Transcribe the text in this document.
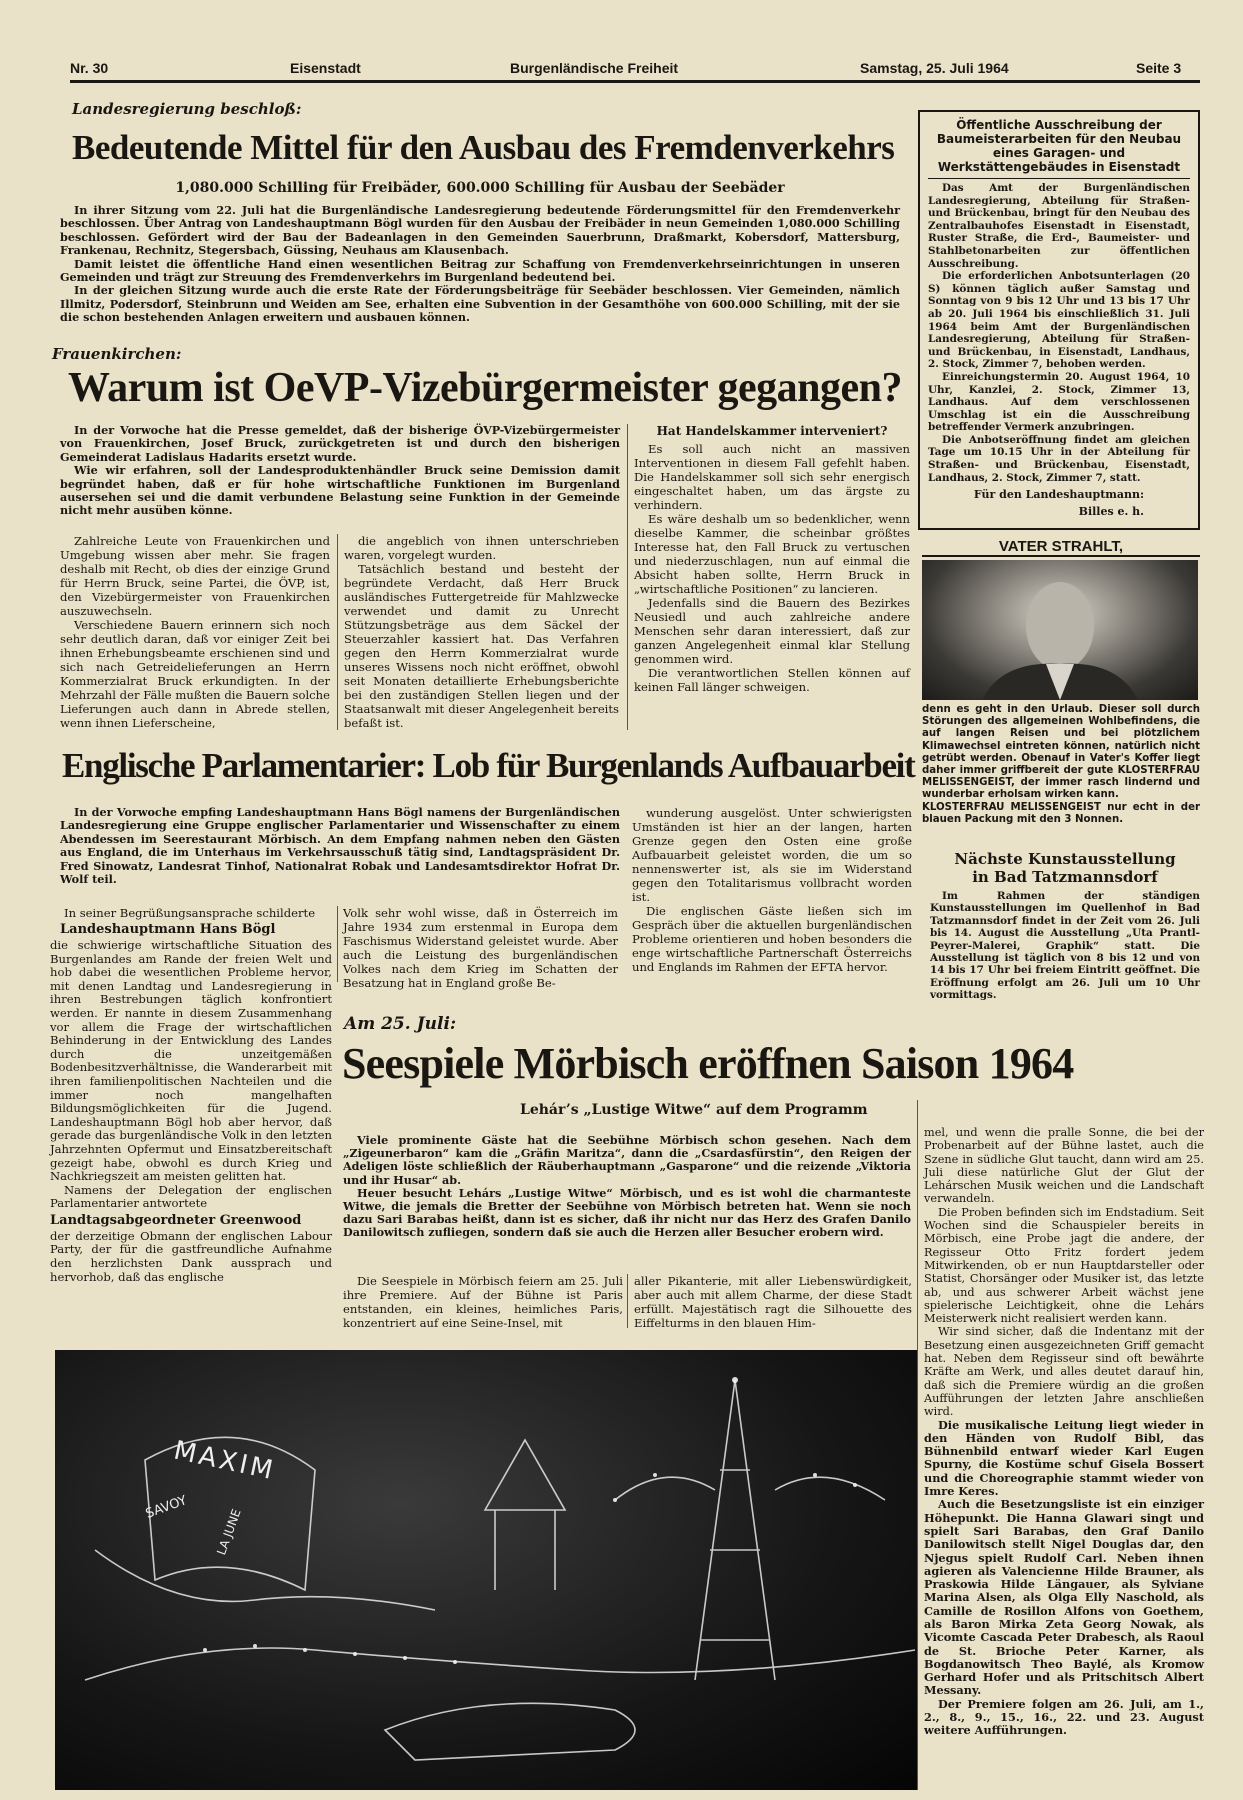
Nr. 30	Eisenstadt	Burgenländische Freiheit	Samstag, 25. Juli 1964	Seite 3
Landesregierung beschloß:
Bedeutende Mittel für den Ausbau des Fremdenverkehrs
1,080.000 Schilling für Freibäder, 600.000 Schilling für Ausbau der Seebäder

In ihrer Sitzung vom 22. Juli hat die Burgenländische Landesregierung bedeutende Förderungsmittel für den Fremdenverkehr beschlossen. Über Antrag von Landeshauptmann Bögl wurden für den Ausbau der Freibäder in neun Gemeinden 1,080.000 Schilling beschlossen. Gefördert wird der Bau der Badeanlagen in den Gemeinden Sauerbrunn, Draßmarkt, Kobersdorf, Mattersburg, Frankenau, Rechnitz, Stegersbach, Güssing, Neuhaus am Klausenbach.

Damit leistet die öffentliche Hand einen wesentlichen Beitrag zur Schaffung von Fremdenverkehrseinrichtungen in unseren Gemeinden und trägt zur Streuung des Fremdenverkehrs im Burgenland bedeutend bei.

In der gleichen Sitzung wurde auch die erste Rate der Förderungsbeiträge für Seebäder beschlossen. Vier Gemeinden, nämlich Illmitz, Podersdorf, Steinbrunn und Weiden am See, erhalten eine Subvention in der Gesamthöhe von 600.000 Schilling, mit der sie die schon bestehenden Anlagen erweitern und ausbauen können.

Frauenkirchen:
Warum ist OeVP-Vizebürgermeister gegangen?

In der Vorwoche hat die Presse gemeldet, daß der bisherige ÖVP-Vizebürgermeister von Frauenkirchen, Josef Bruck, zurückgetreten ist und durch den bisherigen Gemeinderat Ladislaus Hadarits ersetzt wurde.

Wie wir erfahren, soll der Landesproduktenhändler Bruck seine Demission damit begründet haben, daß er für hohe wirtschaftliche Funktionen im Burgenland ausersehen sei und die damit verbundene Belastung seine Funktion in der Gemeinde nicht mehr ausüben könne.

Zahlreiche Leute von Frauenkirchen und Umgebung wissen aber mehr. Sie fragen deshalb mit Recht, ob dies der einzige Grund für Herrn Bruck, seine Partei, die ÖVP, ist, den Vizebürgermeister von Frauenkirchen auszuwechseln.

Verschiedene Bauern erinnern sich noch sehr deutlich daran, daß vor einiger Zeit bei ihnen Erhebungsbeamte erschienen sind und sich nach Getreidelieferungen an Herrn Kommerzialrat Bruck erkundigten. In der Mehrzahl der Fälle mußten die Bauern solche Lieferungen auch dann in Abrede stellen, wenn ihnen Lieferscheine,

die angeblich von ihnen unterschrieben waren, vorgelegt wurden.

Tatsächlich bestand und besteht der begründete Verdacht, daß Herr Bruck ausländisches Futtergetreide für Mahlzwecke verwendet und damit zu Unrecht Stützungsbeträge aus dem Säckel der Steuerzahler kassiert hat. Das Verfahren gegen den Herrn Kommerzialrat wurde unseres Wissens noch nicht eröffnet, obwohl seit Monaten detaillierte Erhebungsberichte bei den zuständigen Stellen liegen und der Staatsanwalt mit dieser Angelegenheit bereits befaßt ist.

Hat Handelskammer interveniert?

Es soll auch nicht an massiven Interventionen in diesem Fall gefehlt haben. Die Handelskammer soll sich sehr energisch eingeschaltet haben, um das ärgste zu verhindern.

Es wäre deshalb um so bedenklicher, wenn dieselbe Kammer, die scheinbar größtes Interesse hat, den Fall Bruck zu vertuschen und niederzuschlagen, nun auf einmal die Absicht haben sollte, Herrn Bruck in „wirtschaftliche Positionen“ zu lancieren.

Jedenfalls sind die Bauern des Bezirkes Neusiedl und auch zahlreiche andere Menschen sehr daran interessiert, daß zur ganzen Angelegenheit einmal klar Stellung genommen wird.

Die verantwortlichen Stellen können auf keinen Fall länger schweigen.

Englische Parlamentarier: Lob für Burgenlands Aufbauarbeit

In der Vorwoche empfing Landeshauptmann Hans Bögl namens der Burgenländischen Landesregierung eine Gruppe englischer Parlamentarier und Wissenschafter zu einem Abendessen im Seerestaurant Mörbisch. An dem Empfang nahmen neben den Gästen aus England, die im Unterhaus im Verkehrsausschuß tätig sind, Landtagspräsident Dr. Fred Sinowatz, Landesrat Tinhof, Nationalrat Robak und Landesamtsdirektor Hofrat Dr. Wolf teil.

wunderung ausgelöst. Unter schwierigsten Umständen ist hier an der langen, harten Grenze gegen den Osten eine große Aufbauarbeit geleistet worden, die um so nennenswerter ist, als sie im Widerstand gegen den Totalitarismus vollbracht worden ist.

Die englischen Gäste ließen sich im Gespräch über die aktuellen burgenländischen Probleme orientieren und hoben besonders die enge wirtschaftliche Partnerschaft Österreichs und Englands im Rahmen der EFTA hervor.

In seiner Begrüßungsansprache schilderte

Landeshauptmann Hans Bögl

die schwierige wirtschaftliche Situation des Burgenlandes am Rande der freien Welt und hob dabei die wesentlichen Probleme hervor, mit denen Landtag und Landesregierung in ihren Bestrebungen täglich konfrontiert werden. Er nannte in diesem Zusammenhang vor allem die Frage der wirtschaftlichen Behinderung in der Entwicklung des Landes durch die unzeitgemäßen Bodenbesitzverhältnisse, die Wanderarbeit mit ihren familienpolitischen Nachteilen und die immer noch mangelhaften Bildungsmöglichkeiten für die Jugend. Landeshauptmann Bögl hob aber hervor, daß gerade das burgenländische Volk in den letzten Jahrzehnten Opfermut und Einsatzbereitschaft gezeigt habe, obwohl es durch Krieg und Nachkriegszeit am meisten gelitten hat.

Namens der Delegation der englischen Parlamentarier antwortete

Landtagsabgeordneter Greenwood

der derzeitige Obmann der englischen Labour Party, der für die gastfreundliche Aufnahme den herzlichsten Dank aussprach und hervorhob, daß das englische

Volk sehr wohl wisse, daß in Österreich im Jahre 1934 zum erstenmal in Europa dem Faschismus Widerstand geleistet wurde. Aber auch die Leistung des burgenländischen Volkes nach dem Krieg im Schatten der Besatzung hat in England große Be-

Am 25. Juli:
Seespiele Mörbisch eröffnen Saison 1964
Lehár’s „Lustige Witwe“ auf dem Programm

Viele prominente Gäste hat die Seebühne Mörbisch schon gesehen. Nach dem „Zigeunerbaron“ kam die „Gräfin Maritza“, dann die „Csardasfürstin“, den Reigen der Adeligen löste schließlich der Räuberhauptmann „Gasparone“ und die reizende „Viktoria und ihr Husar“ ab.

Heuer besucht Lehárs „Lustige Witwe“ Mörbisch, und es ist wohl die charmanteste Witwe, die jemals die Bretter der Seebühne von Mörbisch betreten hat. Wenn sie noch dazu Sari Barabas heißt, dann ist es sicher, daß ihr nicht nur das Herz des Grafen Danilo Danilowitsch zufliegen, sondern daß sie auch die Herzen aller Besucher erobern wird.

Die Seespiele in Mörbisch feiern am 25. Juli ihre Premiere. Auf der Bühne ist Paris entstanden, ein kleines, heimliches Paris, konzentriert auf eine Seine-Insel, mit

aller Pikanterie, mit aller Liebenswürdigkeit, aber auch mit allem Charme, der diese Stadt erfüllt. Majestätisch ragt die Silhouette des Eiffelturms in den blauen Him-

MAXIM
SAVOY LA JUNE

mel, und wenn die pralle Sonne, die bei der Probenarbeit auf der Bühne lastet, auch die Szene in südliche Glut taucht, dann wird am 25. Juli diese natürliche Glut der Glut der Lehárschen Musik weichen und die Landschaft verwandeln.

Die Proben befinden sich im Endstadium. Seit Wochen sind die Schauspieler bereits in Mörbisch, eine Probe jagt die andere, der Regisseur Otto Fritz fordert jedem Mitwirkenden, ob er nun Hauptdarsteller oder Statist, Chorsänger oder Musiker ist, das letzte ab, und aus schwerer Arbeit wächst jene spielerische Leichtigkeit, ohne die Lehárs Meisterwerk nicht realisiert werden kann.

Wir sind sicher, daß die Indentanz mit der Besetzung einen ausgezeichneten Griff gemacht hat. Neben dem Regisseur sind oft bewährte Kräfte am Werk, und alles deutet darauf hin, daß sich die Premiere würdig an die großen Aufführungen der letzten Jahre anschließen wird.

Die musikalische Leitung liegt wieder in den Händen von Rudolf Bibl, das Bühnenbild entwarf wieder Karl Eugen Spurny, die Kostüme schuf Gisela Bossert und die Choreographie stammt wieder von Imre Keres.

Auch die Besetzungsliste ist ein einziger Höhepunkt. Die Hanna Glawari singt und spielt Sari Barabas, den Graf Danilo Danilowitsch stellt Nigel Douglas dar, den Njegus spielt Rudolf Carl. Neben ihnen agieren als Valencienne Hilde Brauner, als Praskowia Hilde Längauer, als Sylviane Marina Alsen, als Olga Elly Naschold, als Camille de Rosillon Alfons von Goethem, als Baron Mirka Zeta Georg Nowak, als Vicomte Cascada Peter Drabesch, als Raoul de St. Brioche Peter Karner, als Bogdanowitsch Theo Baylé, als Kromow Gerhard Hofer und als Pritschitsch Albert Messany.

Der Premiere folgen am 26. Juli, am 1., 2., 8., 9., 15., 16., 22. und 23. August weitere Aufführungen.

Öffentliche Ausschreibung der Baumeisterarbeiten für den Neubau eines Garagen- und Werkstättengebäudes in Eisenstadt

Das Amt der Burgenländischen Landesregierung, Abteilung für Straßen- und Brückenbau, bringt für den Neubau des Zentralbauhofes Eisenstadt in Eisenstadt, Ruster Straße, die Erd-, Baumeister- und Stahlbetonarbeiten zur öffentlichen Ausschreibung.

Die erforderlichen Anbotsunterlagen (20 S) können täglich außer Samstag und Sonntag von 9 bis 12 Uhr und 13 bis 17 Uhr ab 20. Juli 1964 bis einschließlich 31. Juli 1964 beim Amt der Burgenländischen Landesregierung, Abteilung für Straßen- und Brückenbau, in Eisenstadt, Landhaus, 2. Stock, Zimmer 7, behoben werden.

Einreichungstermin 20. August 1964, 10 Uhr, Kanzlei, 2. Stock, Zimmer 13, Landhaus. Auf dem verschlossenen Umschlag ist ein die Ausschreibung betreffender Vermerk anzubringen.

Die Anbotseröffnung findet am gleichen Tage um 10.15 Uhr in der Abteilung für Straßen- und Brückenbau, Eisenstadt, Landhaus, 2. Stock, Zimmer 7, statt.

Für den Landeshauptmann:
Billes e. h.
VATER STRAHLT,

denn es geht in den Urlaub. Dieser soll durch Störungen des allgemeinen Wohlbefindens, die auf langen Reisen und bei plötzlichem Klimawechsel eintreten können, natürlich nicht getrübt werden. Obenauf in Vater's Koffer liegt daher immer griffbereit der gute KLOSTERFRAU MELISSENGEIST, der immer rasch lindernd und wunderbar erholsam wirken kann.

KLOSTERFRAU MELISSENGEIST nur echt in der blauen Packung mit den 3 Nonnen.

Nächste Kunstausstellung
in Bad Tatzmannsdorf

Im Rahmen der ständigen Kunstausstellungen im Quellenhof in Bad Tatzmannsdorf findet in der Zeit vom 26. Juli bis 14. August die Ausstellung „Uta Prantl-Peyrer-Malerei, Graphik“ statt. Die Ausstellung ist täglich von 8 bis 12 und von 14 bis 17 Uhr bei freiem Eintritt geöffnet. Die Eröffnung erfolgt am 26. Juli um 10 Uhr vormittags.
